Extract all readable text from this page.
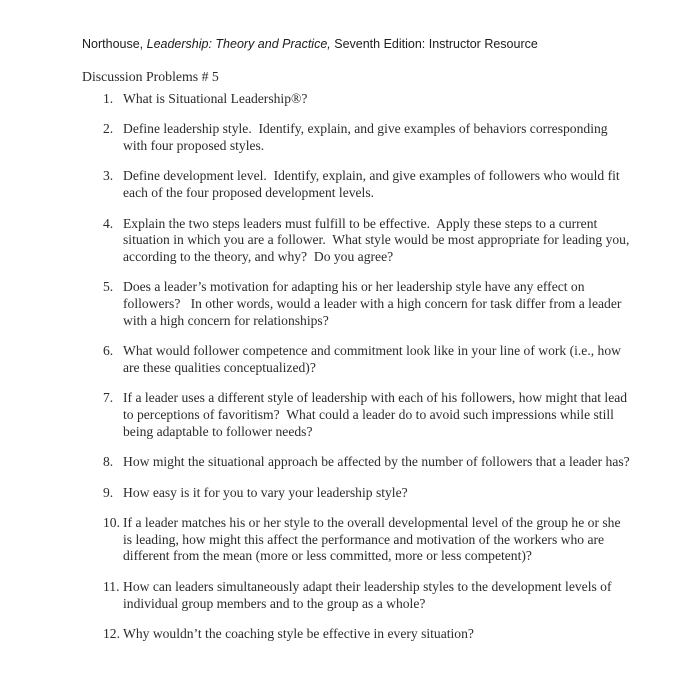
Northouse, Leadership: Theory and Practice, Seventh Edition: Instructor Resource

Discussion Problems # 5
1. What is Situational Leadership®?
2. Define leadership style.  Identify, explain, and give examples of behaviors corresponding with four proposed styles.
3. Define development level.  Identify, explain, and give examples of followers who would fit each of the four proposed development levels.
4. Explain the two steps leaders must fulfill to be effective.  Apply these steps to a current situation in which you are a follower.  What style would be most appropriate for leading you, according to the theory, and why?  Do you agree?
5. Does a leader’s motivation for adapting his or her leadership style have any effect on followers?   In other words, would a leader with a high concern for task differ from a leader with a high concern for relationships?
6. What would follower competence and commitment look like in your line of work (i.e., how are these qualities conceptualized)?
7. If a leader uses a different style of leadership with each of his followers, how might that lead to perceptions of favoritism?  What could a leader do to avoid such impressions while still being adaptable to follower needs?
8. How might the situational approach be affected by the number of followers that a leader has?
9. How easy is it for you to vary your leadership style?
10. If a leader matches his or her style to the overall developmental level of the group he or she is leading, how might this affect the performance and motivation of the workers who are different from the mean (more or less committed, more or less competent)?
11. How can leaders simultaneously adapt their leadership styles to the development levels of individual group members and to the group as a whole?
12. Why wouldn’t the coaching style be effective in every situation?
